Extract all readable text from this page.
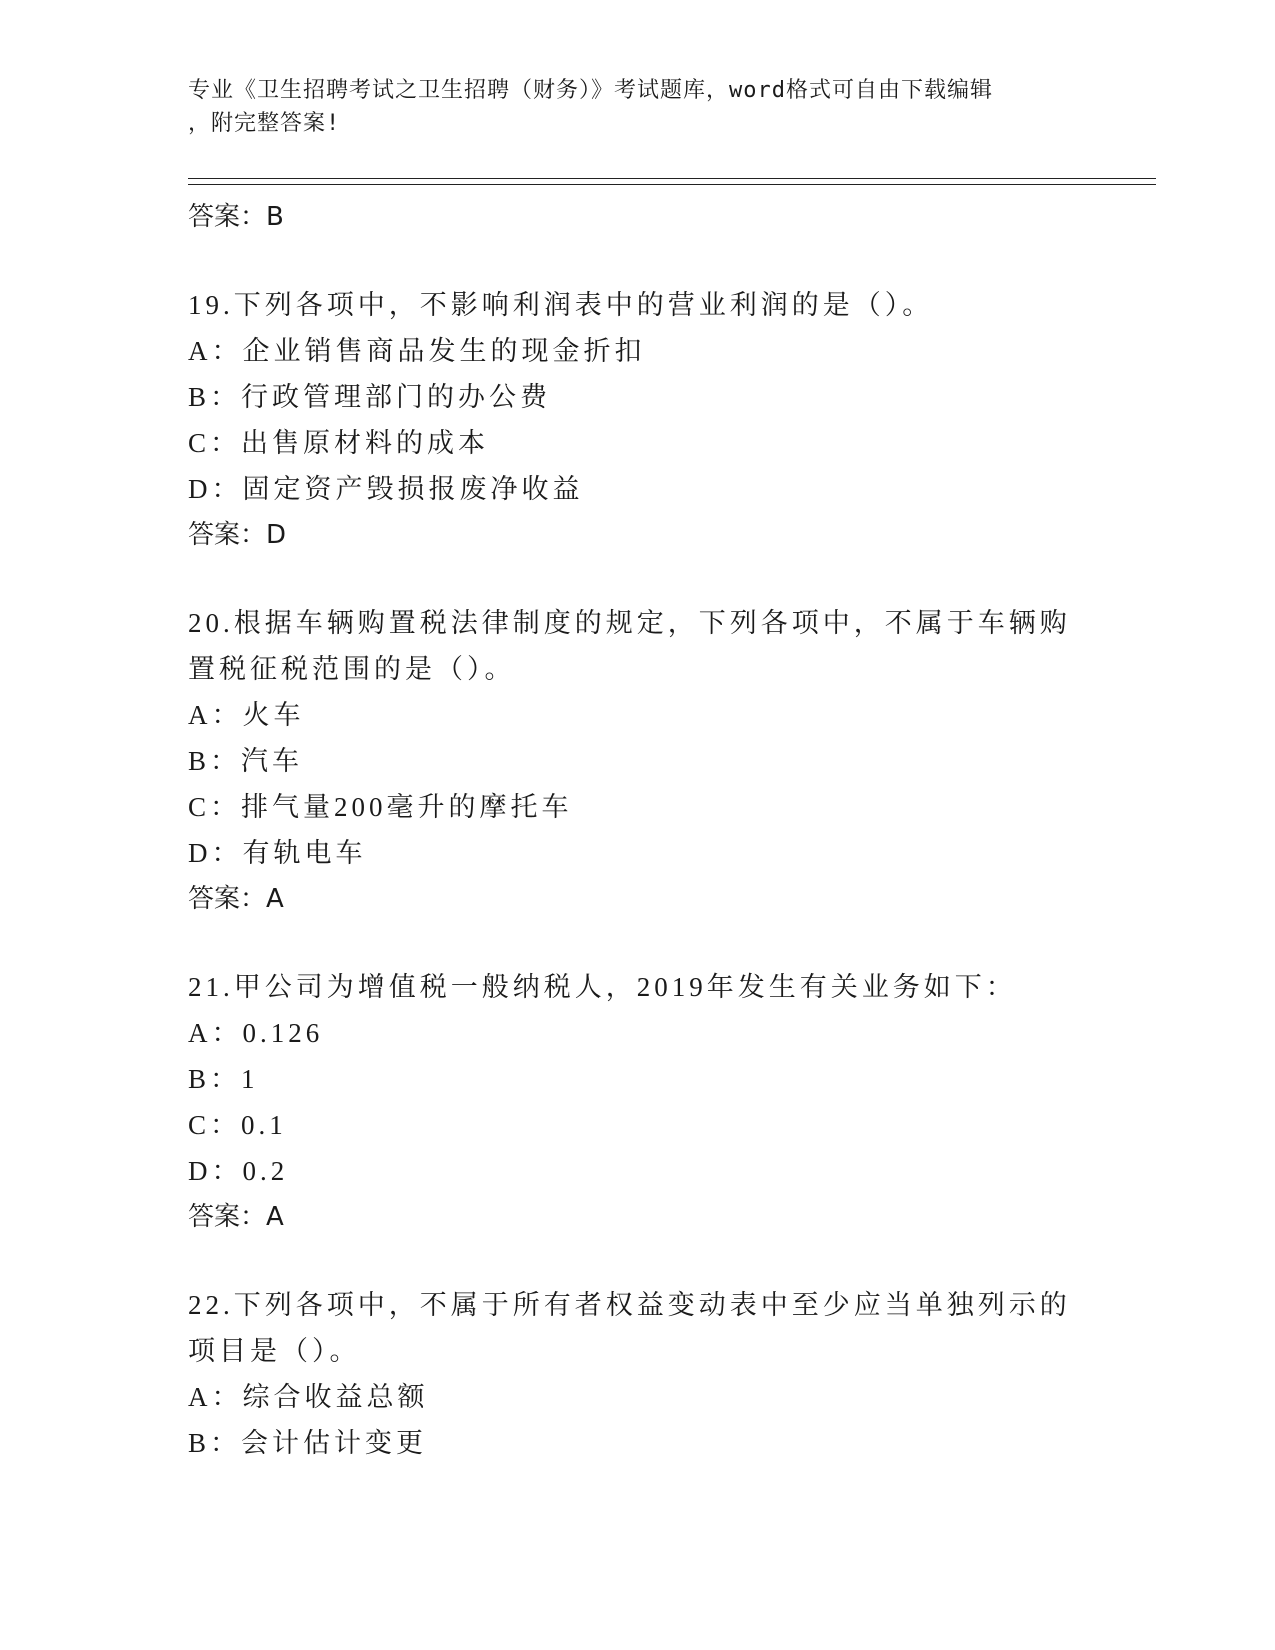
专业《卫生招聘考试之卫生招聘（财务）》考试题库，word格式可自由下载编辑
，附完整答案!
答案：B
19.下列各项中，不影响利润表中的营业利润的是（）。
A：企业销售商品发生的现金折扣
B：行政管理部门的办公费
C：出售原材料的成本
D：固定资产毁损报废净收益
答案：D
20.根据车辆购置税法律制度的规定，下列各项中，不属于车辆购置税征税范围的是（）。
A：火车
B：汽车
C：排气量200毫升的摩托车
D：有轨电车
答案：A
21.甲公司为增值税一般纳税人，2019年发生有关业务如下：
A：0.126
B：1
C：0.1
D：0.2
答案：A
22.下列各项中，不属于所有者权益变动表中至少应当单独列示的项目是（）。
A：综合收益总额
B：会计估计变更
